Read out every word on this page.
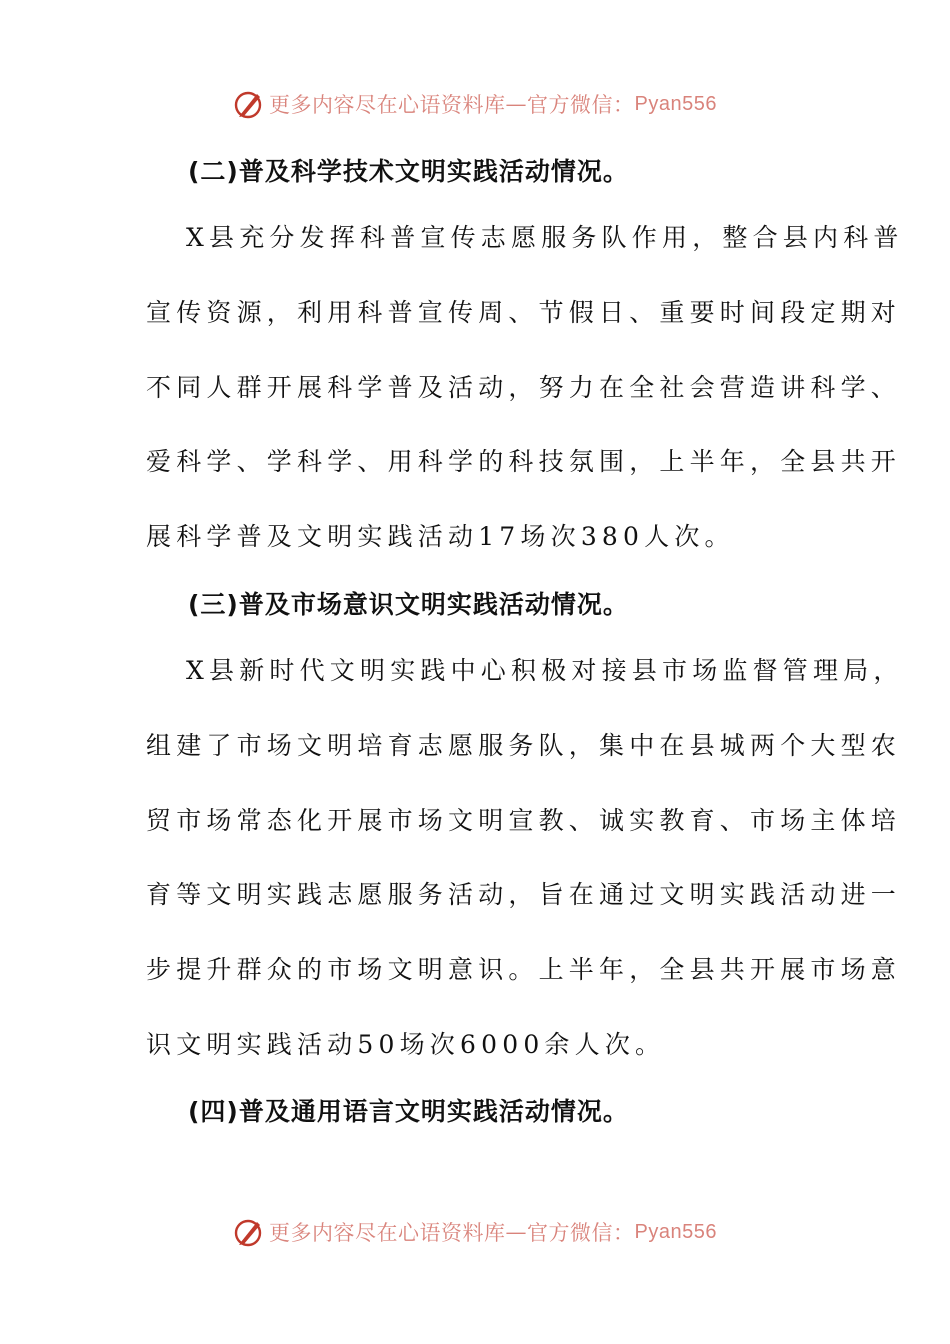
更多内容尽在心语资料库 — 官方微信： Pyan556
(二)普及科学技术文明实践活动情况。
X县充分发挥科普宣传志愿服务队作用，整合县内科普
宣传资源，利用科普宣传周、节假日、重要时间段定期对
不同人群开展科学普及活动，努力在全社会营造讲科学、
爱科学、学科学、用科学的科技氛围，上半年，全县共开
展科学普及文明实践活动17场次380人次。
(三)普及市场意识文明实践活动情况。
X县新时代文明实践中心积极对接县市场监督管理局，
组建了市场文明培育志愿服务队，集中在县城两个大型农
贸市场常态化开展市场文明宣教、诚实教育、市场主体培
育等文明实践志愿服务活动，旨在通过文明实践活动进一
步提升群众的市场文明意识。上半年，全县共开展市场意
识文明实践活动50场次6000余人次。
(四)普及通用语言文明实践活动情况。
更多内容尽在心语资料库 — 官方微信： Pyan556
